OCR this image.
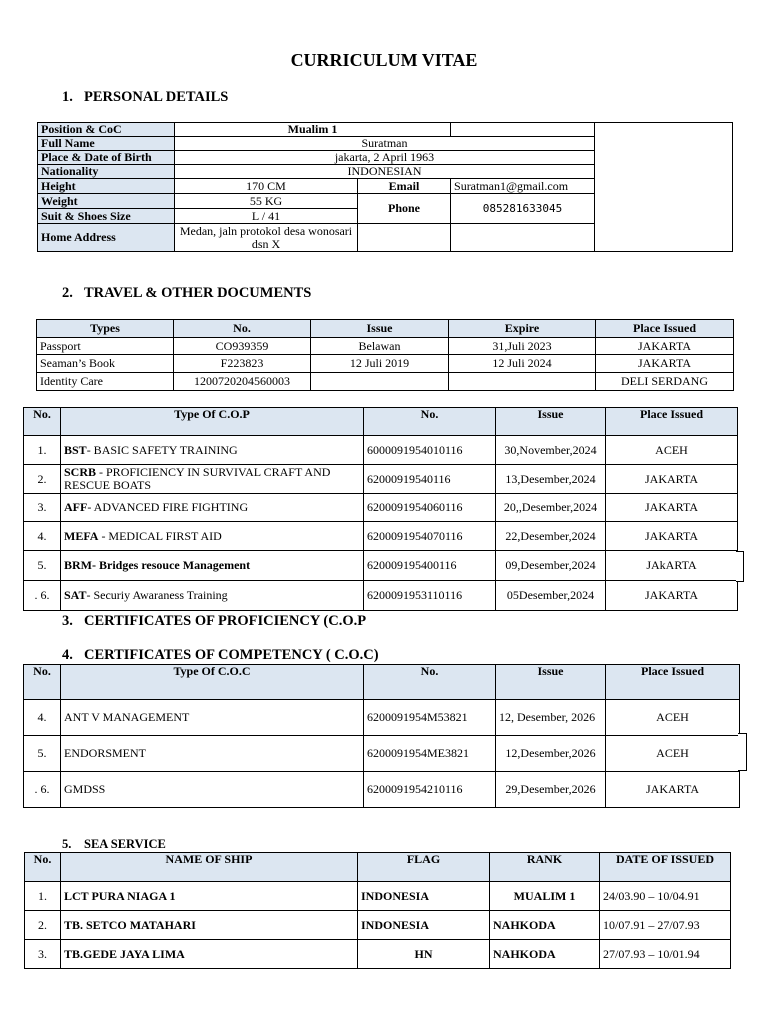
CURRICULUM VITAE
1. PERSONAL DETAILS
Position & CoC	Mualim 1			
Full Name	Suratman			
Place & Date of Birth	jakarta, 2 April 1963			
Nationality	INDONESIAN			
Height	170 CM	Email	Suratman1@gmail.com	
Weight	55 KG	Phone	085281633045	
Suit & Shoes Size	L / 41			
Home Address	Medan, jaln protokol desa wonosari dsn X			
2. TRAVEL & OTHER DOCUMENTS
Types	No.	Issue	Expire	Place Issued
Passport	CO939359	Belawan	31,Juli 2023	JAKARTA
Seaman’s Book	F223823	12 Juli 2019	12 Juli 2024	JAKARTA
Identity Care	1200720204560003			DELI SERDANG
No.	Type Of C.O.P	No.	Issue	Place Issued
1.	BST- BASIC SAFETY TRAINING	6000091954010116	30,November,2024	ACEH
2.	SCRB - PROFICIENCY IN SURVIVAL CRAFT AND RESCUE BOATS	62000919540116	13,Desember,2024	JAKARTA
3.	AFF- ADVANCED FIRE FIGHTING	6200091954060116	20,,Desember,2024	JAKARTA
4.	MEFA - MEDICAL FIRST AID	6200091954070116	22,Desember,2024	JAKARTA
5.	BRM- Bridges resouce Management	620009195400116	09,Desember,2024	JAkARTA
. 6.	SAT- Securiy Awaraness Training	6200091953110116	05Desember,2024	JAKARTA
3. CERTIFICATES OF PROFICIENCY (C.O.P
4. CERTIFICATES OF COMPETENCY ( C.O.C)
No.	Type Of C.O.C	No.	Issue	Place Issued
4.	ANT V MANAGEMENT	6200091954M53821	12, Desember, 2026	ACEH
5.	ENDORSMENT	6200091954ME3821	12,Desember,2026	ACEH
. 6.	GMDSS	6200091954210116	29,Desember,2026	JAKARTA
5. SEA SERVICE
No.	NAME OF SHIP	FLAG	RANK	DATE OF ISSUED
1.	LCT PURA NIAGA 1	INDONESIA	MUALIM 1	24/03.90 – 10/04.91
2.	TB. SETCO MATAHARI	INDONESIA	NAHKODA	10/07.91 – 27/07.93
3.	TB.GEDE JAYA LIMA	HN	NAHKODA	27/07.93 – 10/01.94
